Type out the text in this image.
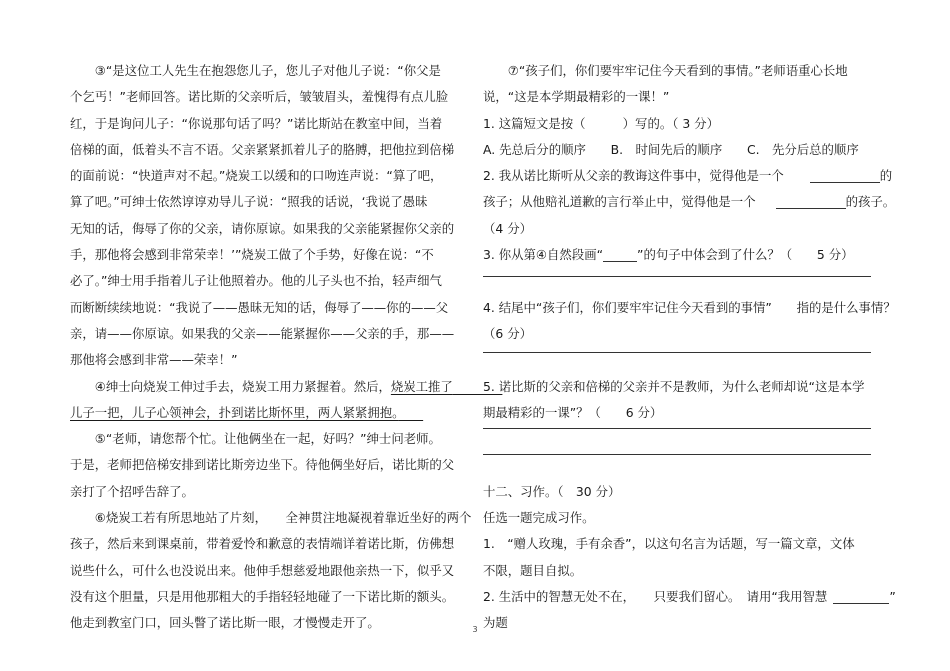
　　③“是这位工人先生在抱怨您儿子，您儿子对他儿子说：“你父是
个乞丐！”老师回答。诺比斯的父亲听后，皱皱眉头，羞愧得有点儿脸
红，于是询问儿子：“你说那句话了吗？”诺比斯站在教室中间，当着
倍梯的面，低着头不言不语。父亲紧紧抓着儿子的胳膊，把他拉到倍梯
的面前说：“快道声对不起。”烧炭工以缓和的口吻连声说：“算了吧，
算了吧。”可绅士依然谆谆劝导儿子说：“照我的话说，‘我说了愚昧
无知的话，侮辱了你的父亲，请你原谅。如果我的父亲能紧握你父亲的
手，那他将会感到非常荣幸！’”烧炭工做了个手势，好像在说：“不
必了。”绅士用手指着儿子让他照着办。他的儿子头也不抬，轻声细气
而断断续续地说：“我说了——愚昧无知的话，侮辱了——你的——父
亲，请——你原谅。如果我的父亲——能紧握你——父亲的手，那——
那他将会感到非常——荣幸！”
　　④绅士向烧炭工伸过手去，烧炭工用力紧握着。然后，烧炭工推了　　　　
儿子一把，儿子心领神会，扑到诺比斯怀里，两人紧紧拥抱。　　
　　⑤“老师，请您帮个忙。让他俩坐在一起，好吗？”绅士问老师。
于是，老师把倍梯安排到诺比斯旁边坐下。待他俩坐好后，诺比斯的父
亲打了个招呼告辞了。
　　⑥烧炭工若有所思地站了片刻，　　全神贯注地凝视着靠近坐好的两个
孩子，然后来到课桌前，带着爱怜和歉意的表情端详着诺比斯，仿佛想
说些什么，可什么也没说出来。他伸手想慈爱地跟他亲热一下，似乎又
没有这个胆量，只是用他那粗大的手指轻轻地碰了一下诺比斯的额头。
他走到教室门口，回头瞥了诺比斯一眼，才慢慢走开了。
　　⑦“孩子们，你们要牢牢记住今天看到的事情。”老师语重心长地
说，“这是本学期最精彩的一课！”
1. 这篇短文是按（　　　）写的。（ 3 分）
A. 先总后分的顺序　　B.　时间先后的顺序　　C.　先分后总的顺序
2. 我从诺比斯听从父亲的教诲这件事中，觉得他是一个	的
孩子；从他赔礼道歉的言行举止中，觉得他是一个	的孩子。
（4 分）
3. 你从第④自然段画“	”的句子中体会到了什么？（　　5 分）
4. 结尾中“孩子们，你们要牢牢记住今天看到的事情”　　指的是什么事情？
（6 分）
5. 诺比斯的父亲和倍梯的父亲并不是教师，为什么老师却说“这是本学
期最精彩的一课”？（　　6 分）
十二、习作。（　30 分）
任选一题完成习作。
1.　“赠人玫瑰，手有余香”，以这句名言为话题，写一篇文章，文体
不限，题目自拟。
2. 生活中的智慧无处不在，　　只要我们留心。　请用“我用智慧	”
为题
3
